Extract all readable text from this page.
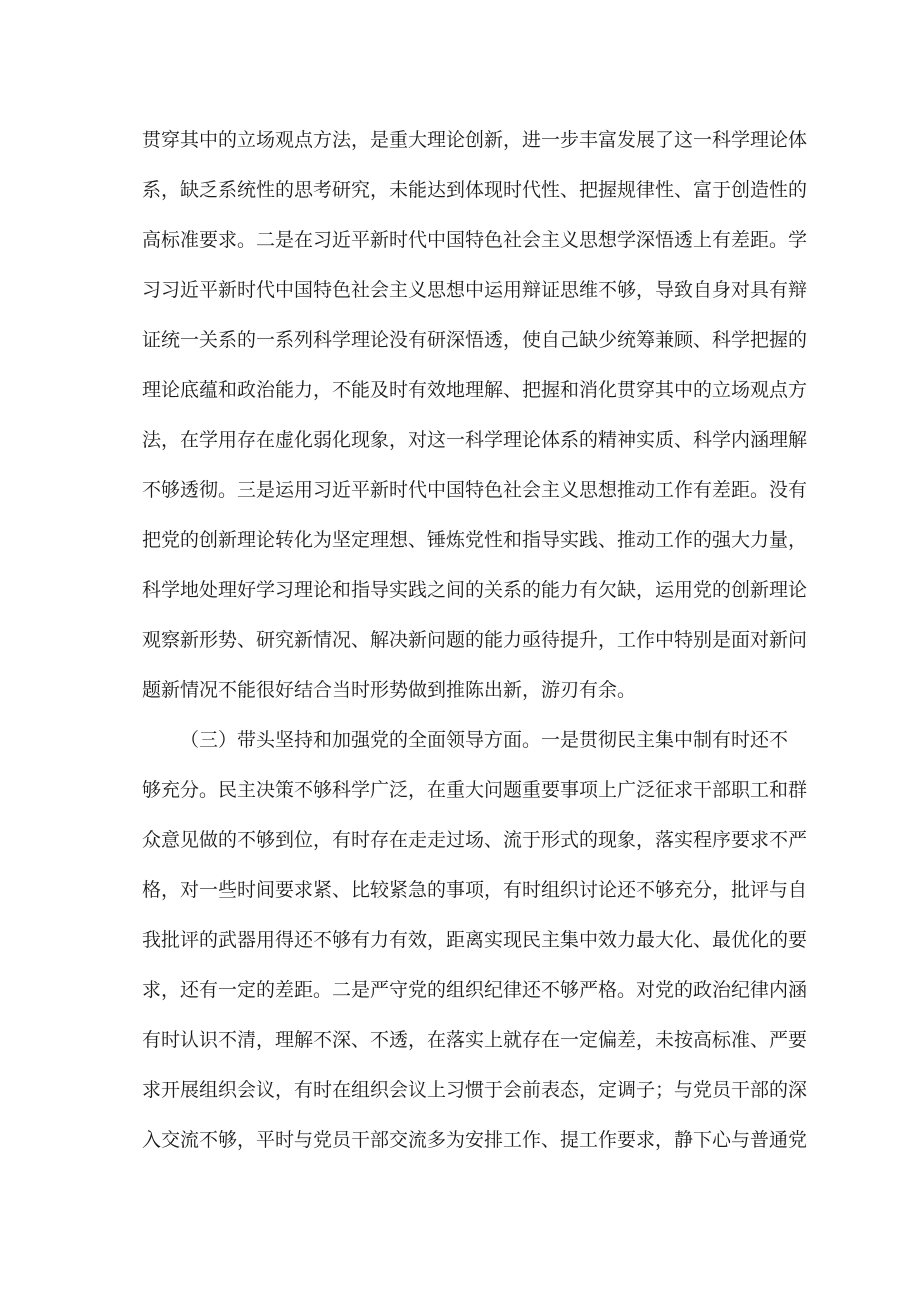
贯穿其中的立场观点方法，是重大理论创新，进一步丰富发展了这一科学理论体
系，缺乏系统性的思考研究，未能达到体现时代性、把握规律性、富于创造性的
高标准要求。二是在习近平新时代中国特色社会主义思想学深悟透上有差距。学
习习近平新时代中国特色社会主义思想中运用辩证思维不够，导致自身对具有辩
证统一关系的一系列科学理论没有研深悟透，使自己缺少统筹兼顾、科学把握的
理论底蕴和政治能力，不能及时有效地理解、把握和消化贯穿其中的立场观点方
法，在学用存在虚化弱化现象，对这一科学理论体系的精神实质、科学内涵理解
不够透彻。三是运用习近平新时代中国特色社会主义思想推动工作有差距。没有
把党的创新理论转化为坚定理想、锤炼党性和指导实践、推动工作的强大力量，
科学地处理好学习理论和指导实践之间的关系的能力有欠缺，运用党的创新理论
观察新形势、研究新情况、解决新问题的能力亟待提升，工作中特别是面对新问
题新情况不能很好结合当时形势做到推陈出新，游刃有余。
（三）带头坚持和加强党的全面领导方面。一是贯彻民主集中制有时还不
够充分。民主决策不够科学广泛，在重大问题重要事项上广泛征求干部职工和群
众意见做的不够到位，有时存在走走过场、流于形式的现象，落实程序要求不严
格，对一些时间要求紧、比较紧急的事项，有时组织讨论还不够充分，批评与自
我批评的武器用得还不够有力有效，距离实现民主集中效力最大化、最优化的要
求，还有一定的差距。二是严守党的组织纪律还不够严格。对党的政治纪律内涵
有时认识不清，理解不深、不透，在落实上就存在一定偏差，未按高标准、严要
求开展组织会议，有时在组织会议上习惯于会前表态，定调子；与党员干部的深
入交流不够，平时与党员干部交流多为安排工作、提工作要求，静下心与普通党
